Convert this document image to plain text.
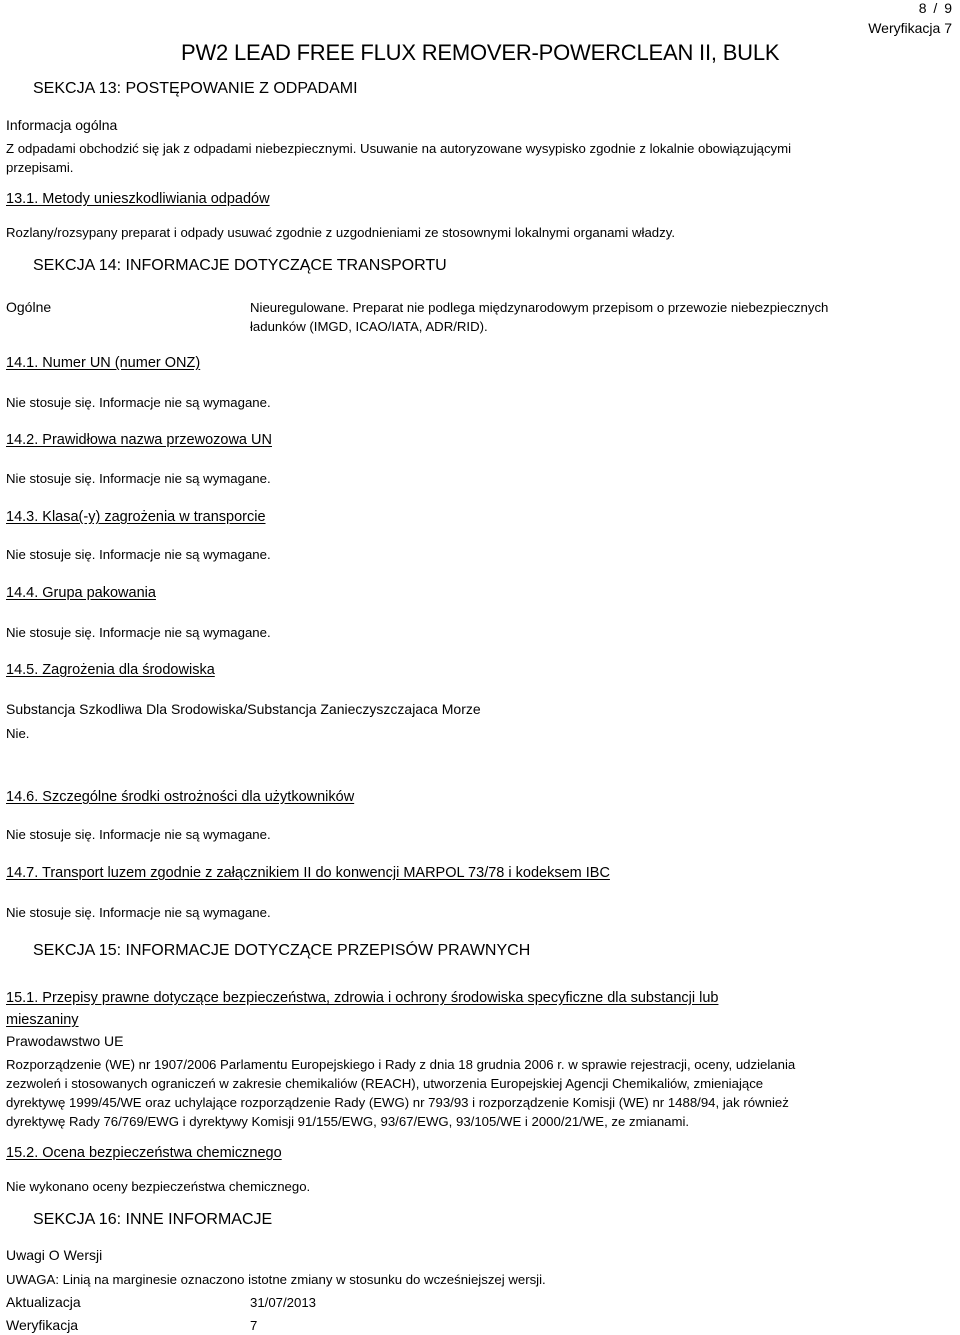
8 / 9
Weryfikacja 7
PW2 LEAD FREE FLUX REMOVER-POWERCLEAN II, BULK
SEKCJA 13: POSTĘPOWANIE Z ODPADAMI
Informacja ogólna
Z odpadami obchodzić się jak z odpadami niebezpiecznymi. Usuwanie na autoryzowane wysypisko zgodnie z lokalnie obowiązującymi
przepisami.
13.1. Metody unieszkodliwiania odpadów
Rozlany/rozsypany preparat i odpady usuwać zgodnie z uzgodnieniami ze stosownymi lokalnymi organami władzy.
SEKCJA 14: INFORMACJE DOTYCZĄCE TRANSPORTU
Ogólne	Nieuregulowane. Preparat nie podlega międzynarodowym przepisom o przewozie niebezpiecznych
ładunków (IMGD, ICAO/IATA, ADR/RID).
14.1. Numer UN (numer ONZ)
Nie stosuje się. Informacje nie są wymagane.
14.2. Prawidłowa nazwa przewozowa UN
Nie stosuje się. Informacje nie są wymagane.
14.3. Klasa(-y) zagrożenia w transporcie
Nie stosuje się. Informacje nie są wymagane.
14.4. Grupa pakowania
Nie stosuje się. Informacje nie są wymagane.
14.5. Zagrożenia dla środowiska
Substancja Szkodliwa Dla Srodowiska/Substancja Zanieczyszczajaca Morze
Nie.
14.6. Szczególne środki ostrożności dla użytkowników
Nie stosuje się. Informacje nie są wymagane.
14.7. Transport luzem zgodnie z załącznikiem II do konwencji MARPOL 73/78 i kodeksem IBC
Nie stosuje się. Informacje nie są wymagane.
SEKCJA 15: INFORMACJE DOTYCZĄCE PRZEPISÓW PRAWNYCH
15.1. Przepisy prawne dotyczące bezpieczeństwa, zdrowia i ochrony środowiska specyficzne dla substancji lub
mieszaniny
Prawodawstwo UE
Rozporządzenie (WE) nr 1907/2006 Parlamentu Europejskiego i Rady z dnia 18 grudnia 2006 r. w sprawie rejestracji, oceny, udzielania
zezwoleń i stosowanych ograniczeń w zakresie chemikaliów (REACH), utworzenia Europejskiej Agencji Chemikaliów, zmieniające
dyrektywę 1999/45/WE oraz uchylające rozporządzenie Rady (EWG) nr 793/93 i rozporządzenie Komisji (WE) nr 1488/94, jak również
dyrektywę Rady 76/769/EWG i dyrektywy Komisji 91/155/EWG, 93/67/EWG, 93/105/WE i 2000/21/WE, ze zmianami.
15.2. Ocena bezpieczeństwa chemicznego
Nie wykonano oceny bezpieczeństwa chemicznego.
SEKCJA 16: INNE INFORMACJE
Uwagi O Wersji
UWAGA: Linią na marginesie oznaczono istotne zmiany w stosunku do wcześniejszej wersji.
Aktualizacja	31/07/2013
Weryfikacja	7
